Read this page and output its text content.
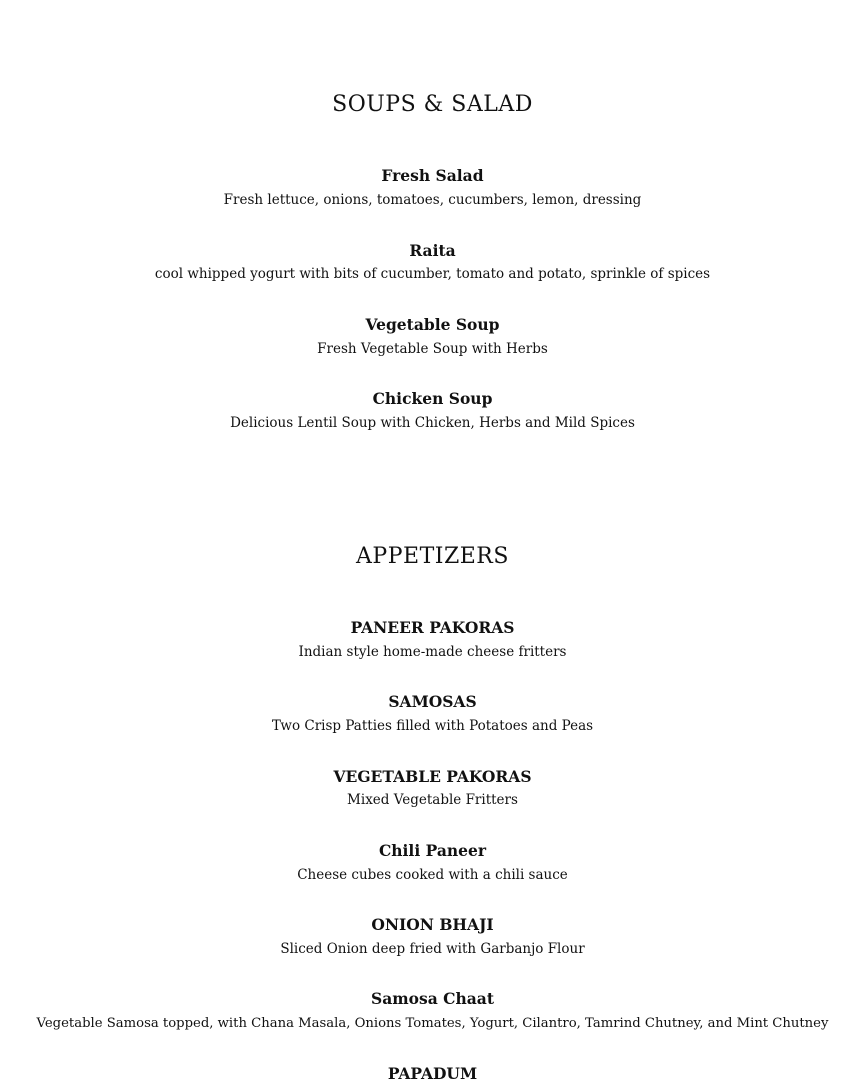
SOUPS & SALAD
Fresh Salad
Fresh lettuce, onions, tomatoes, cucumbers, lemon, dressing
Raita
cool whipped yogurt with bits of cucumber, tomato and potato, sprinkle of spices
Vegetable Soup
Fresh Vegetable Soup with Herbs
Chicken Soup
Delicious Lentil Soup with Chicken, Herbs and Mild Spices
APPETIZERS
PANEER PAKORAS
Indian style home-made cheese fritters
SAMOSAS
Two Crisp Patties filled with Potatoes and Peas
VEGETABLE PAKORAS
Mixed Vegetable Fritters
Chili Paneer
Cheese cubes cooked with a chili sauce
ONION BHAJI
Sliced Onion deep fried with Garbanjo Flour
Samosa Chaat
Vegetable Samosa topped, with Chana Masala, Onions Tomates, Yogurt, Cilantro, Tamrind Chutney, and Mint Chutney
PAPADUM
